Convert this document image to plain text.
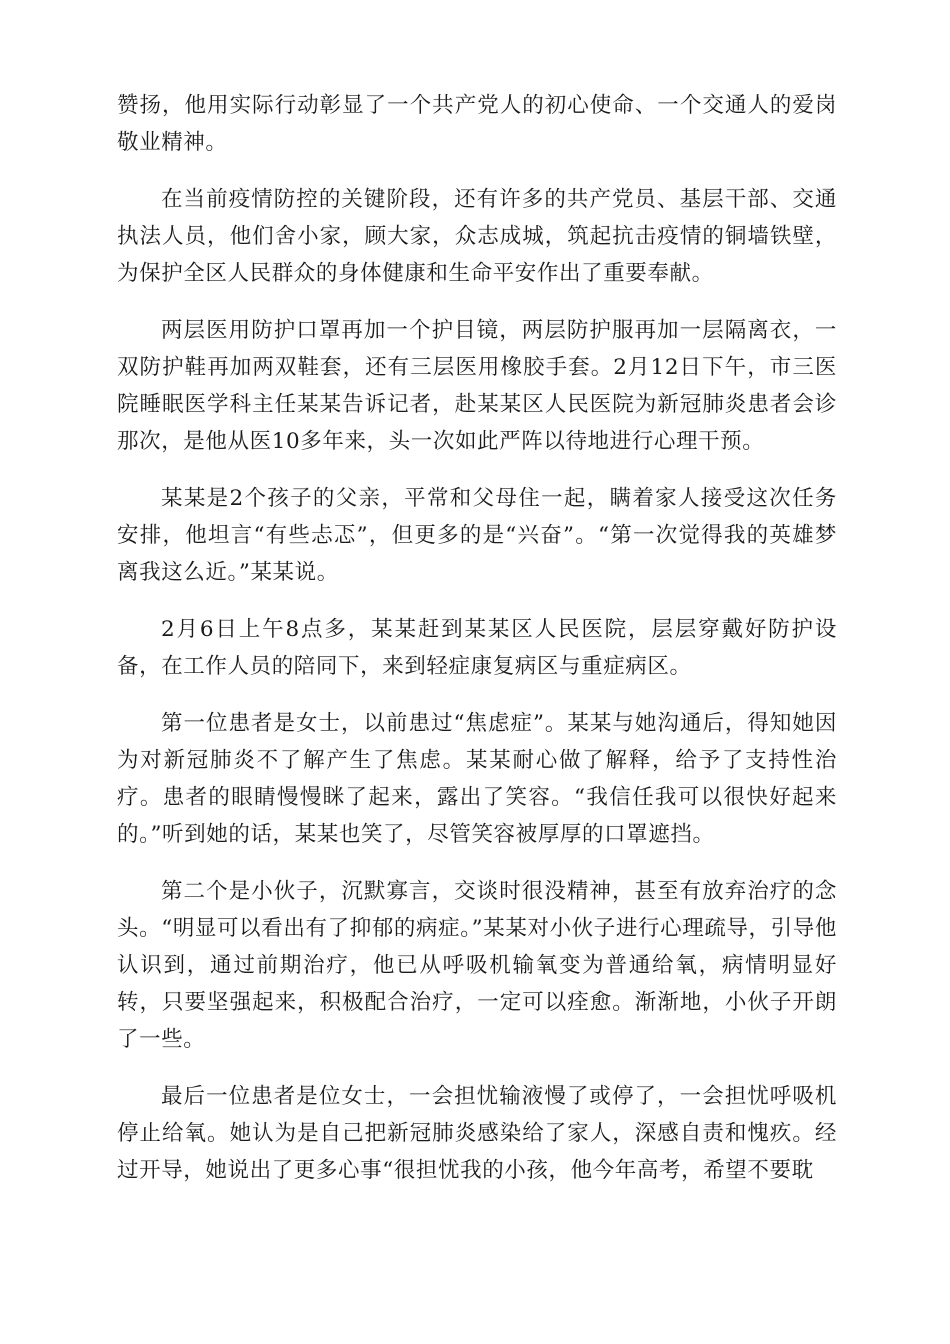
赞扬，他用实际行动彰显了一个共产党人的初心使命、一个交通人的爱岗敬业精神。

在当前疫情防控的关键阶段，还有许多的共产党员、基层干部、交通执法人员，他们舍小家，顾大家，众志成城，筑起抗击疫情的铜墙铁壁，为保护全区人民群众的身体健康和生命平安作出了重要奉献。

两层医用防护口罩再加一个护目镜，两层防护服再加一层隔离衣，一双防护鞋再加两双鞋套，还有三层医用橡胶手套。2月12日下午，市三医院睡眠医学科主任某某告诉记者，赴某某区人民医院为新冠肺炎患者会诊那次，是他从医10多年来，头一次如此严阵以待地进行心理干预。

某某是2个孩子的父亲，平常和父母住一起，瞒着家人接受这次任务安排，他坦言“有些忐忑”，但更多的是“兴奋”。“第一次觉得我的英雄梦离我这么近。”某某说。

2月6日上午8点多，某某赶到某某区人民医院，层层穿戴好防护设备，在工作人员的陪同下，来到轻症康复病区与重症病区。

第一位患者是女士，以前患过“焦虑症”。某某与她沟通后，得知她因为对新冠肺炎不了解产生了焦虑。某某耐心做了解释，给予了支持性治疗。患者的眼睛慢慢眯了起来，露出了笑容。“我信任我可以很快好起来的。”听到她的话，某某也笑了，尽管笑容被厚厚的口罩遮挡。

第二个是小伙子，沉默寡言，交谈时很没精神，甚至有放弃治疗的念头。“明显可以看出有了抑郁的病症。”某某对小伙子进行心理疏导，引导他认识到，通过前期治疗，他已从呼吸机输氧变为普通给氧，病情明显好转，只要坚强起来，积极配合治疗，一定可以痊愈。渐渐地，小伙子开朗了一些。

最后一位患者是位女士，一会担忧输液慢了或停了，一会担忧呼吸机停止给氧。她认为是自己把新冠肺炎感染给了家人，深感自责和愧疚。经过开导，她说出了更多心事“很担忧我的小孩，他今年高考，希望不要耽
